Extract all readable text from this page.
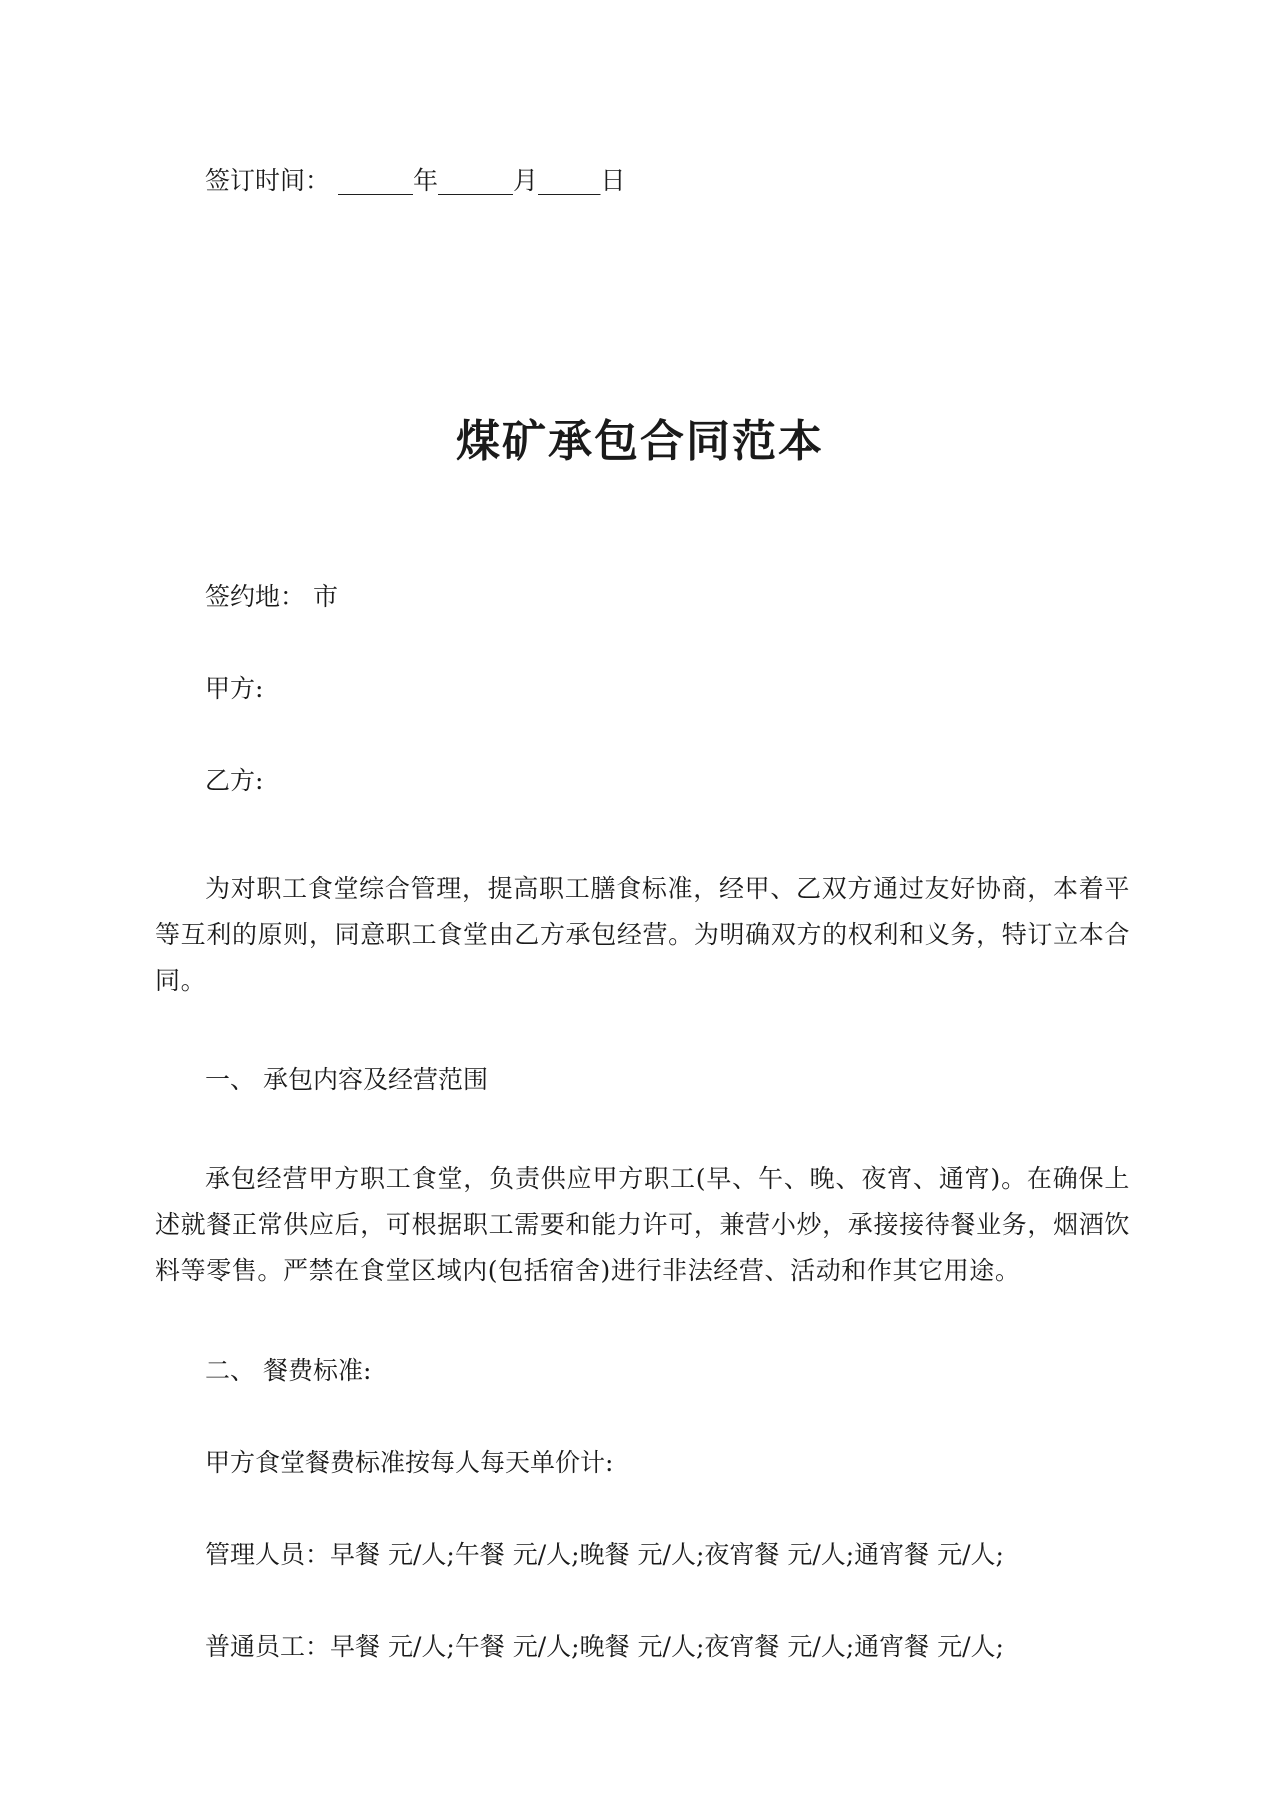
签订时间： ______年______月_____日
煤矿承包合同范本
签约地： 市
甲方:
乙方:
为对职工食堂综合管理，提高职工膳食标准，经甲、乙双方通过友好协商，本着平等互利的原则，同意职工食堂由乙方承包经营。为明确双方的权利和义务，特订立本合同。
一、 承包内容及经营范围
承包经营甲方职工食堂，负责供应甲方职工(早、午、晚、夜宵、通宵)。在确保上述就餐正常供应后，可根据职工需要和能力许可，兼营小炒，承接接待餐业务，烟酒饮料等零售。严禁在食堂区域内(包括宿舍)进行非法经营、活动和作其它用途。
二、 餐费标准:
甲方食堂餐费标准按每人每天单价计:
管理人员：早餐 元/人;午餐 元/人;晚餐 元/人;夜宵餐 元/人;通宵餐 元/人;
普通员工：早餐 元/人;午餐 元/人;晚餐 元/人;夜宵餐 元/人;通宵餐 元/人;
